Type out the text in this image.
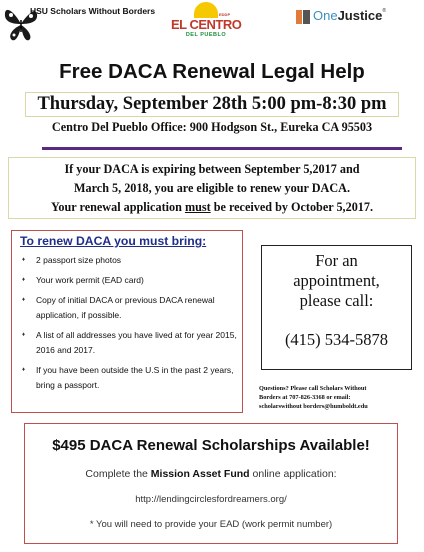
HSU Scholars Without Borders	EDDP
EL CENTRO
DEL PUEBLO
OneJustice®
Free DACA Renewal Legal Help
Thursday, September 28th 5:00 pm-8:30 pm
Centro Del Pueblo Office: 900 Hodgson St., Eureka CA 95503
If your DACA is expiring between September 5,2017 and
March 5, 2018, you are eligible to renew your DACA.
Your renewal application must be received by October 5,2017.
To renew DACA you must bring:
♦ 2 passport size photos
♦ Your work permit (EAD card)
♦ Copy of initial DACA or previous DACA renewal application, if possible.
♦ A list of all addresses you have lived at for year 2015, 2016 and 2017.
♦ If you have been outside the U.S in the past 2 years, bring a passport.
For an
appointment,
please call:
(415) 534-5878
Questions? Please call Scholars Without
Borders at 707-826-3368 or email:
scholarswithout borders@humboldt.edu
$495 DACA Renewal Scholarships Available!
Complete the Mission Asset Fund online application:
http://lendingcirclesfordreamers.org/
* You will need to provide your EAD (work permit number)
